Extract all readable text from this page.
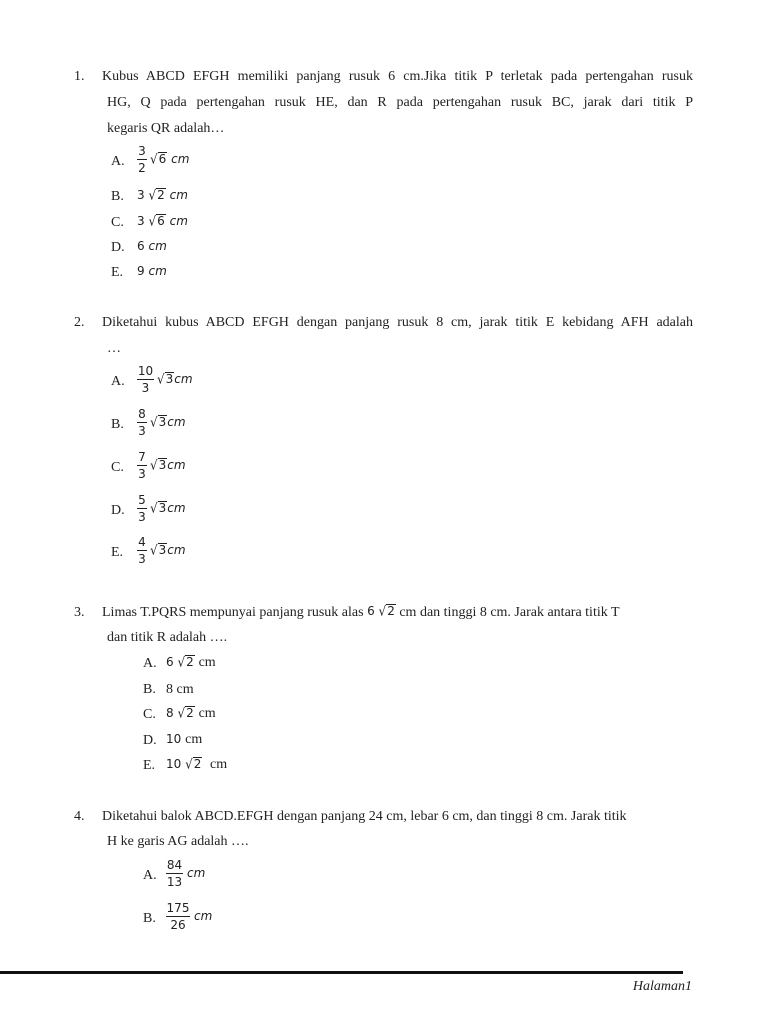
1. Kubus ABCD EFGH memiliki panjang rusuk 6 cm.Jika titik P terletak pada pertengahan rusuk
HG, Q pada pertengahan rusuk HE, dan R pada pertengahan rusuk BC, jarak dari titik P
kegaris QR adalah…
A.
3
2
√6 cm
B. 3 √2 cm
C. 3 √6 cm
D. 6 cm
E. 9 cm
2. Diketahui kubus ABCD EFGH dengan panjang rusuk 8 cm, jarak titik E kebidang AFH adalah
…
A.
10
3
√3cm
B.
8
3
√3cm
C.
7
3
√3cm
D.
5
3
√3cm
E.
4
3
√3cm
3. Limas T.PQRS mempunyai panjang rusuk alas 6 √2 cm dan tinggi 8 cm. Jarak antara titik T
dan titik R adalah ….
A. 6 √2 cm
B. 8 cm
C. 8 √2 cm
D. 10 cm
E. 10 √2 cm
4. Diketahui balok ABCD.EFGH dengan panjang 24 cm, lebar 6 cm, dan tinggi 8 cm. Jarak titik
H ke garis AG adalah ….
A.
84
13
cm
B.
175
26
cm
Halaman1
